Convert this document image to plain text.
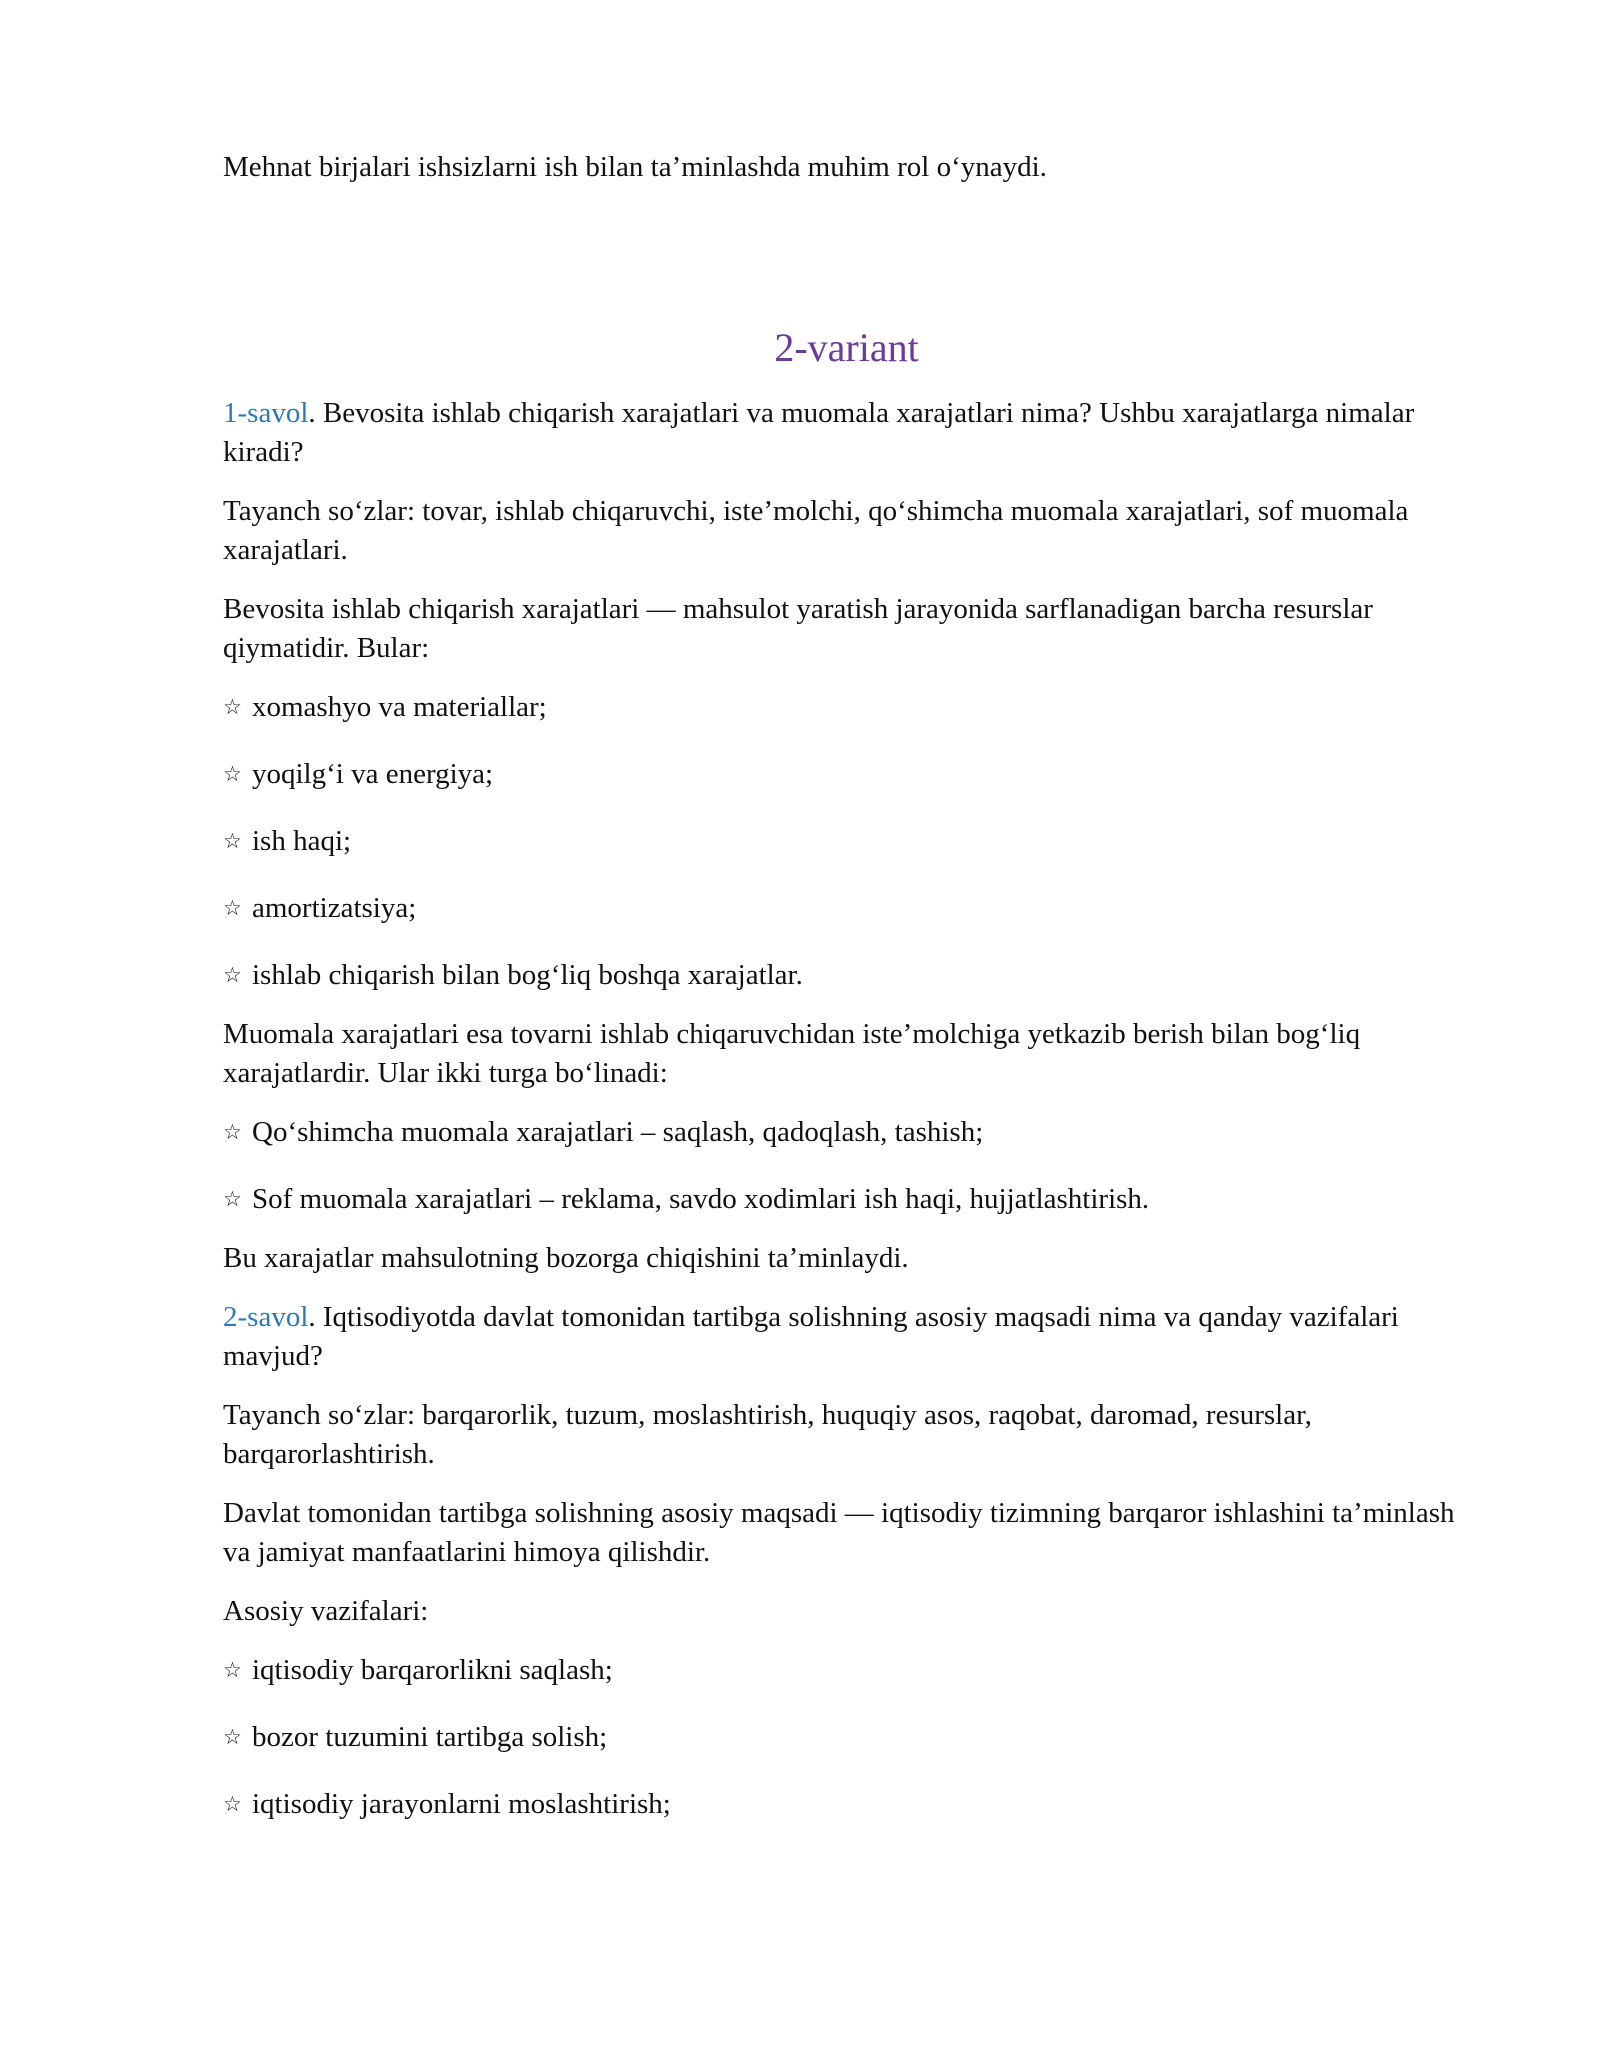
Mehnat birjalari ishsizlarni ish bilan ta’minlashda muhim rol o‘ynaydi.

2-variant

1-savol. Bevosita ishlab chiqarish xarajatlari va muomala xarajatlari nima? Ushbu xarajatlarga nimalar kiradi?

Tayanch so‘zlar: tovar, ishlab chiqaruvchi, iste’molchi, qo‘shimcha muomala xarajatlari, sof muomala xarajatlari.

Bevosita ishlab chiqarish xarajatlari — mahsulot yaratish jarayonida sarflanadigan barcha resurslar qiymatidir. Bular:

☆ xomashyo va materiallar;

☆ yoqilg‘i va energiya;

☆ ish haqi;

☆ amortizatsiya;

☆ ishlab chiqarish bilan bog‘liq boshqa xarajatlar.

Muomala xarajatlari esa tovarni ishlab chiqaruvchidan iste’molchiga yetkazib berish bilan bog‘liq xarajatlardir. Ular ikki turga bo‘linadi:

☆ Qo‘shimcha muomala xarajatlari – saqlash, qadoqlash, tashish;

☆ Sof muomala xarajatlari – reklama, savdo xodimlari ish haqi, hujjatlashtirish.

Bu xarajatlar mahsulotning bozorga chiqishini ta’minlaydi.

2-savol. Iqtisodiyotda davlat tomonidan tartibga solishning asosiy maqsadi nima va qanday vazifalari mavjud?

Tayanch so‘zlar: barqarorlik, tuzum, moslashtirish, huquqiy asos, raqobat, daromad, resurslar, barqarorlashtirish.

Davlat tomonidan tartibga solishning asosiy maqsadi — iqtisodiy tizimning barqaror ishlashini ta’minlash va jamiyat manfaatlarini himoya qilishdir.

Asosiy vazifalari:

☆ iqtisodiy barqarorlikni saqlash;

☆ bozor tuzumini tartibga solish;

☆ iqtisodiy jarayonlarni moslashtirish;
